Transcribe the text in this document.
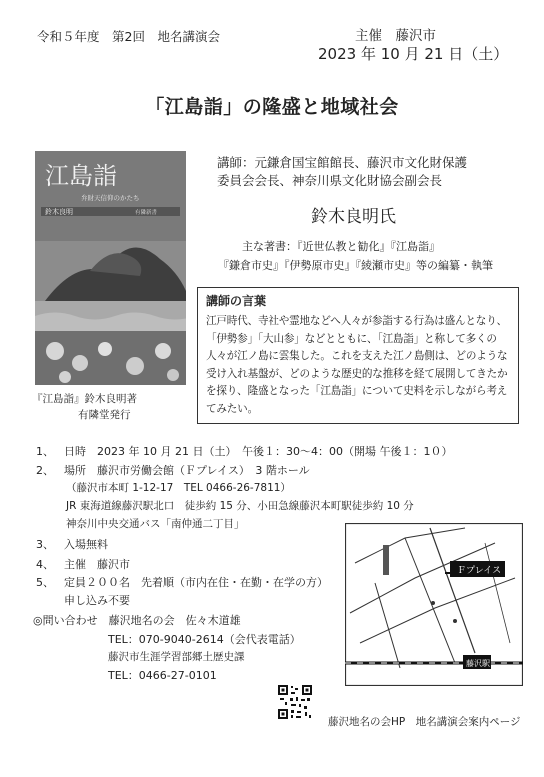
令和５年度　第2回　地名講演会	主催　藤沢市
2023 年 10 月 21 日（土）
「江島詣」の隆盛と地域社会
江島詣
弁財天信仰のかたち
鈴木良明	有隣新書
『江島詣』鈴木良明著
有隣堂発行
講師：元鎌倉国宝館館長、藤沢市文化財保護
委員会会長、神奈川県文化財協会副会長
鈴木良明氏
主な著書：『近世仏教と勧化』『江島詣』
『鎌倉市史』『伊勢原市史』『綾瀬市史』等の編纂・執筆
講師の言葉
江戸時代、寺社や霊地などへ人々が参詣する行為は盛んとなり、
「伊勢参」「大山参」などとともに、「江島詣」と称して多くの
人々が江ノ島に雲集した。これを支えた江ノ島側は、どのような
受け入れ基盤が、どのような歴史的な推移を経て展開してきたか
を探り、隆盛となった「江島詣」について史料を示しながら考え
てみたい。
1、 日時　2023 年 10 月 21 日（土）　午後１：30～4：00（開場 午後１：1０）
2、 場所　藤沢市労働会館（Ｆプレイス）　3 階ホール
（藤沢市本町 1-12-17　TEL 0466-26-7811）
JR 東海道線藤沢駅北口　徒歩約 15 分、小田急線藤沢本町駅徒歩約 10 分
神奈川中央交通バス「南仲通二丁目」
3、 入場無料
4、 主催　藤沢市
5、 定員２００名　先着順（市内在住・在勤・在学の方）
申し込み不要
◎問い合わせ　藤沢地名の会　佐々木道雄
TEL：070-9040-2614（会代表電話）
藤沢市生涯学習部郷土歴史課
TEL：0466-27-0101
Ｆプレイス
藤沢駅
藤沢地名の会HP　地名講演会案内ページ
